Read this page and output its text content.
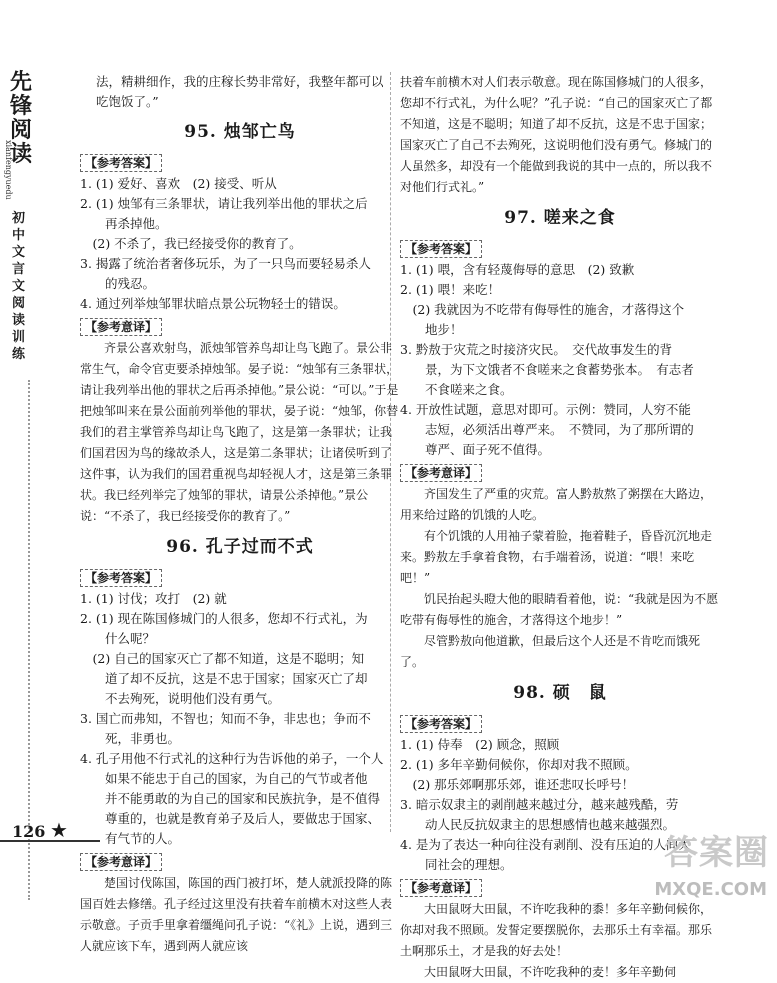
先锋阅读
xianfengyuedu
初中文言文阅读训练

法，精耕细作，我的庄稼长势非常好，我整年都可以

吃饱饭了。”

95. 烛邹亡鸟
【参考答案】

1. (1) 爱好、喜欢　(2) 接受、听从

2. (1) 烛邹有三条罪状，请让我列举出他的罪状之后

　　再杀掉他。

　(2) 不杀了，我已经接受你的教育了。

3. 揭露了统治者奢侈玩乐，为了一只鸟而要轻易杀人

　　的残忍。

4. 通过列举烛邹罪状暗点景公玩物轻士的错误。

【参考意译】

齐景公喜欢射鸟，派烛邹管养鸟却让鸟飞跑了。景公非常生气，命令官吏要杀掉烛邹。晏子说：“烛邹有三条罪状，请让我列举出他的罪状之后再杀掉他。”景公说：“可以。”于是把烛邹叫来在景公面前列举他的罪状，晏子说：“烛邹，你替我们的君主掌管养鸟却让鸟飞跑了，这是第一条罪状；让我们国君因为鸟的缘故杀人，这是第二条罪状；让诸侯听到了这件事，认为我们的国君重视鸟却轻视人才，这是第三条罪状。我已经列举完了烛邹的罪状，请景公杀掉他。”景公说：“不杀了，我已经接受你的教育了。”

96. 孔子过而不式
【参考答案】

1. (1) 讨伐；攻打　(2) 就

2. (1) 现在陈国修城门的人很多，您却不行式礼，为

　　什么呢？

　(2) 自己的国家灭亡了都不知道，这是不聪明；知

　　道了却不反抗，这是不忠于国家；国家灭亡了却

　　不去殉死，说明他们没有勇气。

3. 国亡而弗知，不智也；知而不争，非忠也；争而不

　　死，非勇也。

4. 孔子用他不行式礼的这种行为告诉他的弟子，一个人

　　如果不能忠于自己的国家，为自己的气节或者他

　　并不能勇敢的为自己的国家和民族抗争，是不值得

　　尊重的，也就是教育弟子及后人，要做忠于国家、

　　有气节的人。

【参考意译】

楚国讨伐陈国，陈国的西门被打坏，楚人就派投降的陈国百姓去修缮。孔子经过这里没有扶着车前横木对这些人表示敬意。子贡手里拿着缰绳问孔子说：“《礼》上说，遇到三人就应该下车，遇到两人就应该

扶着车前横木对人们表示敬意。现在陈国修城门的人很多，您却不行式礼，为什么呢？”孔子说：“自己的国家灭亡了都不知道，这是不聪明；知道了却不反抗，这是不忠于国家；国家灭亡了自己不去殉死，这说明他们没有勇气。修城门的人虽然多，却没有一个能做到我说的其中一点的，所以我不对他们行式礼。”

97. 嗟来之食
【参考答案】

1. (1) 喂，含有轻蔑侮辱的意思　(2) 致歉

2. (1) 喂！来吃！

　(2) 我就因为不吃带有侮辱性的施舍，才落得这个

　　地步！

3. 黔敖于灾荒之时接济灾民。　交代故事发生的背

　　景，为下文饿者不食嗟来之食蓄势张本。　有志者

　　不食嗟来之食。

4. 开放性试题，意思对即可。示例：赞同，人穷不能

　　志短，必须活出尊严来。　不赞同，为了那所谓的

　　尊严、面子死不值得。

【参考意译】

齐国发生了严重的灾荒。富人黔敖熬了粥摆在大路边，用来给过路的饥饿的人吃。

有个饥饿的人用袖子蒙着脸，拖着鞋子，昏昏沉沉地走来。黔敖左手拿着食物，右手端着汤，说道：“喂！来吃吧！”

饥民抬起头瞪大他的眼睛看着他，说：“我就是因为不愿吃带有侮辱性的施舍，才落得这个地步！”

尽管黔敖向他道歉，但最后这个人还是不肯吃而饿死了。

98. 硕　鼠
【参考答案】

1. (1) 侍奉　(2) 顾念，照顾

2. (1) 多年辛勤伺候你，你却对我不照顾。

　(2) 那乐郊啊那乐郊，谁还悲叹长呼号！

3. 暗示奴隶主的剥削越来越过分，越来越残酷，劳

　　动人民反抗奴隶主的思想感情也越来越强烈。

4. 是为了表达一种向往没有剥削、没有压迫的人间大

　　同社会的理想。

【参考意译】

大田鼠呀大田鼠，不许吃我种的黍！多年辛勤伺候你，你却对我不照顾。发誓定要摆脱你，去那乐土有幸福。那乐土啊那乐土，才是我的好去处！

大田鼠呀大田鼠，不许吃我种的麦！多年辛勤伺

126 ★
答案圈
MXQE.COM
